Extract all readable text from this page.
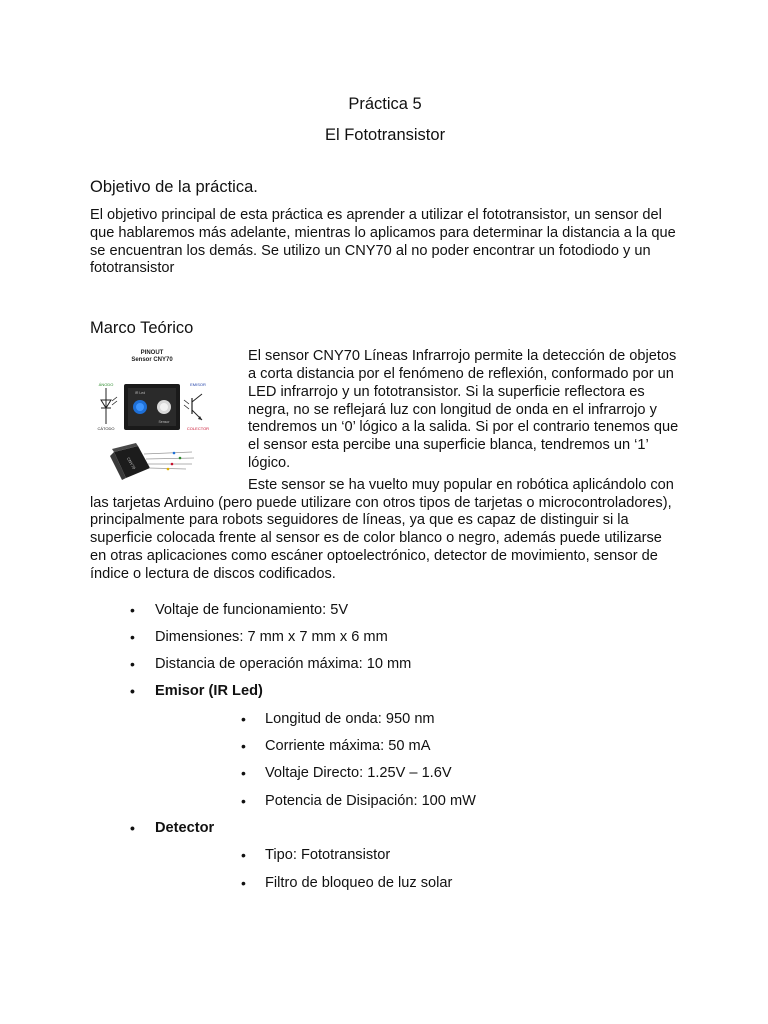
Práctica 5

El Fototransistor

Objetivo de la práctica.

El objetivo principal de esta práctica es aprender a utilizar el fototransistor, un sensor del que hablaremos más adelante, mientras lo aplicamos para determinar la distancia a la que se encuentran los demás. Se utilizo un CNY70 al no poder encontrar un fotodiodo y un fototransistor

Marco Teórico

PINOUT
Sensor CNY70
ÁNODO
CÁTODO
IR Led
Sensor
EMISOR
COLECTOR
CNY70

El sensor CNY70 Líneas Infrarrojo permite la detección de objetos a corta distancia por el fenómeno de reflexión, conformado por un LED infrarrojo y un fototransistor. Si la superficie reflectora es negra, no se reflejará luz con longitud de onda en el infrarrojo y tendremos un ‘0’ lógico a la salida. Si por el contrario tenemos que el sensor esta percibe una superficie blanca, tendremos un ‘1’ lógico.

Este sensor se ha vuelto muy popular en robótica aplicándolo con las tarjetas Arduino (pero puede utilizare con otros tipos de tarjetas o microcontroladores), principalmente para robots seguidores de líneas, ya que es capaz de distinguir si la superficie colocada frente al sensor es de color blanco o negro, además puede utilizarse en otras aplicaciones como escáner optoelectrónico, detector de movimiento, sensor de índice o lectura de discos codificados.

• Voltaje de funcionamiento: 5V
• Dimensiones: 7 mm x 7 mm x 6 mm
• Distancia de operación máxima: 10 mm
• Emisor (IR Led)
• Longitud de onda: 950 nm
• Corriente máxima: 50 mA
• Voltaje Directo: 1.25V – 1.6V
• Potencia de Disipación: 100 mW
• Detector
• Tipo: Fototransistor
• Filtro de bloqueo de luz solar
